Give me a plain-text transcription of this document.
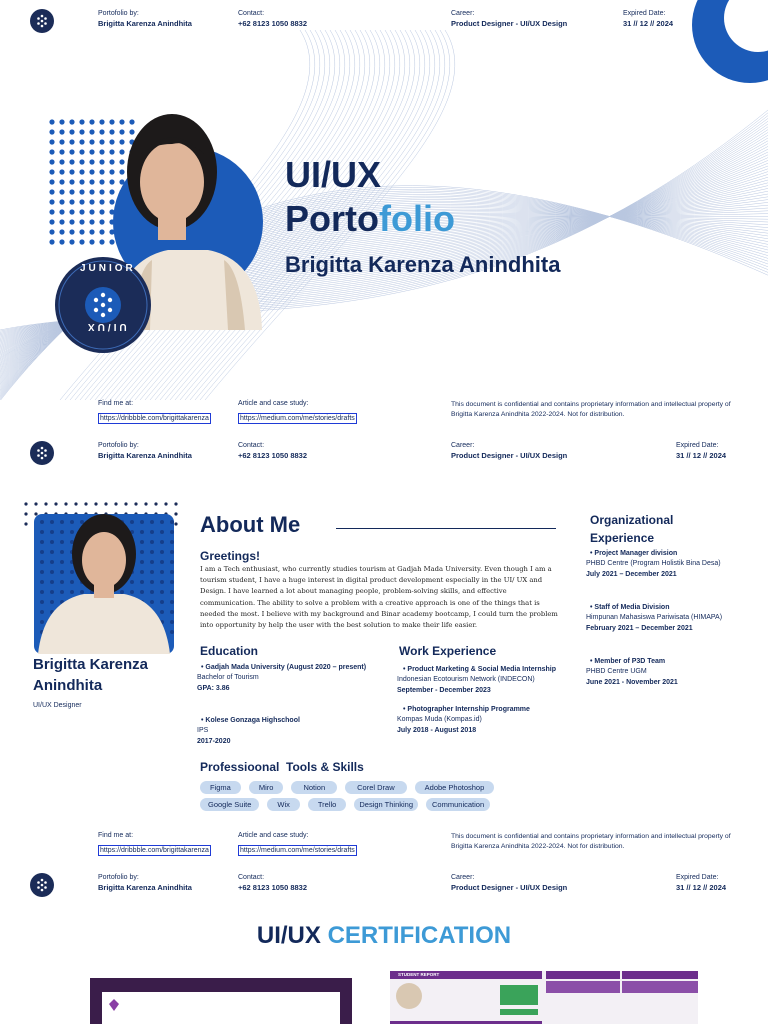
Portofolio by:
Brigitta Karenza Anindhita
Contact:
+62 8123 1050 8832
Career:
Product Designer - UI/UX Design
Expired Date:
31 // 12 // 2024
JUNIOR
UI/UX
UI/UX
Portofolio
Brigitta Karenza Anindhita
Find me at:
https://dribbble.com/brigittakarenza
Article and case study:
https://medium.com/me/stories/drafts
This document is confidential and contains proprietary information and intellectual property of Brigitta Karenza Anindhita 2022-2024. Not for distribution.
Portofolio by:
Brigitta Karenza Anindhita
Contact:
+62 8123 1050 8832
Career:
Product Designer - UI/UX Design
Expired Date:
31 // 12 // 2024
Brigitta Karenza Anindhita
UI/UX Designer
About Me
Greetings!
I am a Tech enthusiast, who currently studies tourism at Gadjah Mada University. Even though I am a tourism student, I have a huge interest in digital product development especially in the UI/ UX and Design. I have learned a lot about managing people, problem-solving skills, and effective communication. The ability to solve a problem with a creative approach is one of the things that is needed the most. I believe with my background and Binar academy bootcamp, I could turn the problem into opportunity by help the user with the best solution to make their life easier.
Education
• Gadjah Mada University (August 2020 – present)
Bachelor of Tourism
GPA: 3.86
• Kolese Gonzaga Highschool
IPS
2017-2020
Work Experience
• Product Marketing & Social Media Internship
Indonesian Ecotourism Network (INDECON)
September - December 2023
• Photographer Internship Programme
Kompas Muda (Kompas.id)
July 2018 - August 2018
Organizational
Experience
• Project Manager division
PHBD Centre (Program Holistik Bina Desa)
July 2021 – December 2021
• Staff of Media Division
Himpunan Mahasiswa Pariwisata (HIMAPA)
February 2021 – December 2021
• Member of P3D Team
PHBD Centre UGM
June 2021 - November 2021
Professioonal  Tools & Skills
Figma	Miro	Notion	Corel Draw	Adobe Photoshop
Google Suite	Wix	Trello	Design Thinking	Communication
Find me at:
https://dribbble.com/brigittakarenza
Article and case study:
https://medium.com/me/stories/drafts
This document is confidential and contains proprietary information and intellectual property of Brigitta Karenza Anindhita 2022-2024. Not for distribution.
Portofolio by:
Brigitta Karenza Anindhita
Contact:
+62 8123 1050 8832
Career:
Product Designer - UI/UX Design
Expired Date:
31 // 12 // 2024
UI/UX CERTIFICATION
STUDENT REPORT
